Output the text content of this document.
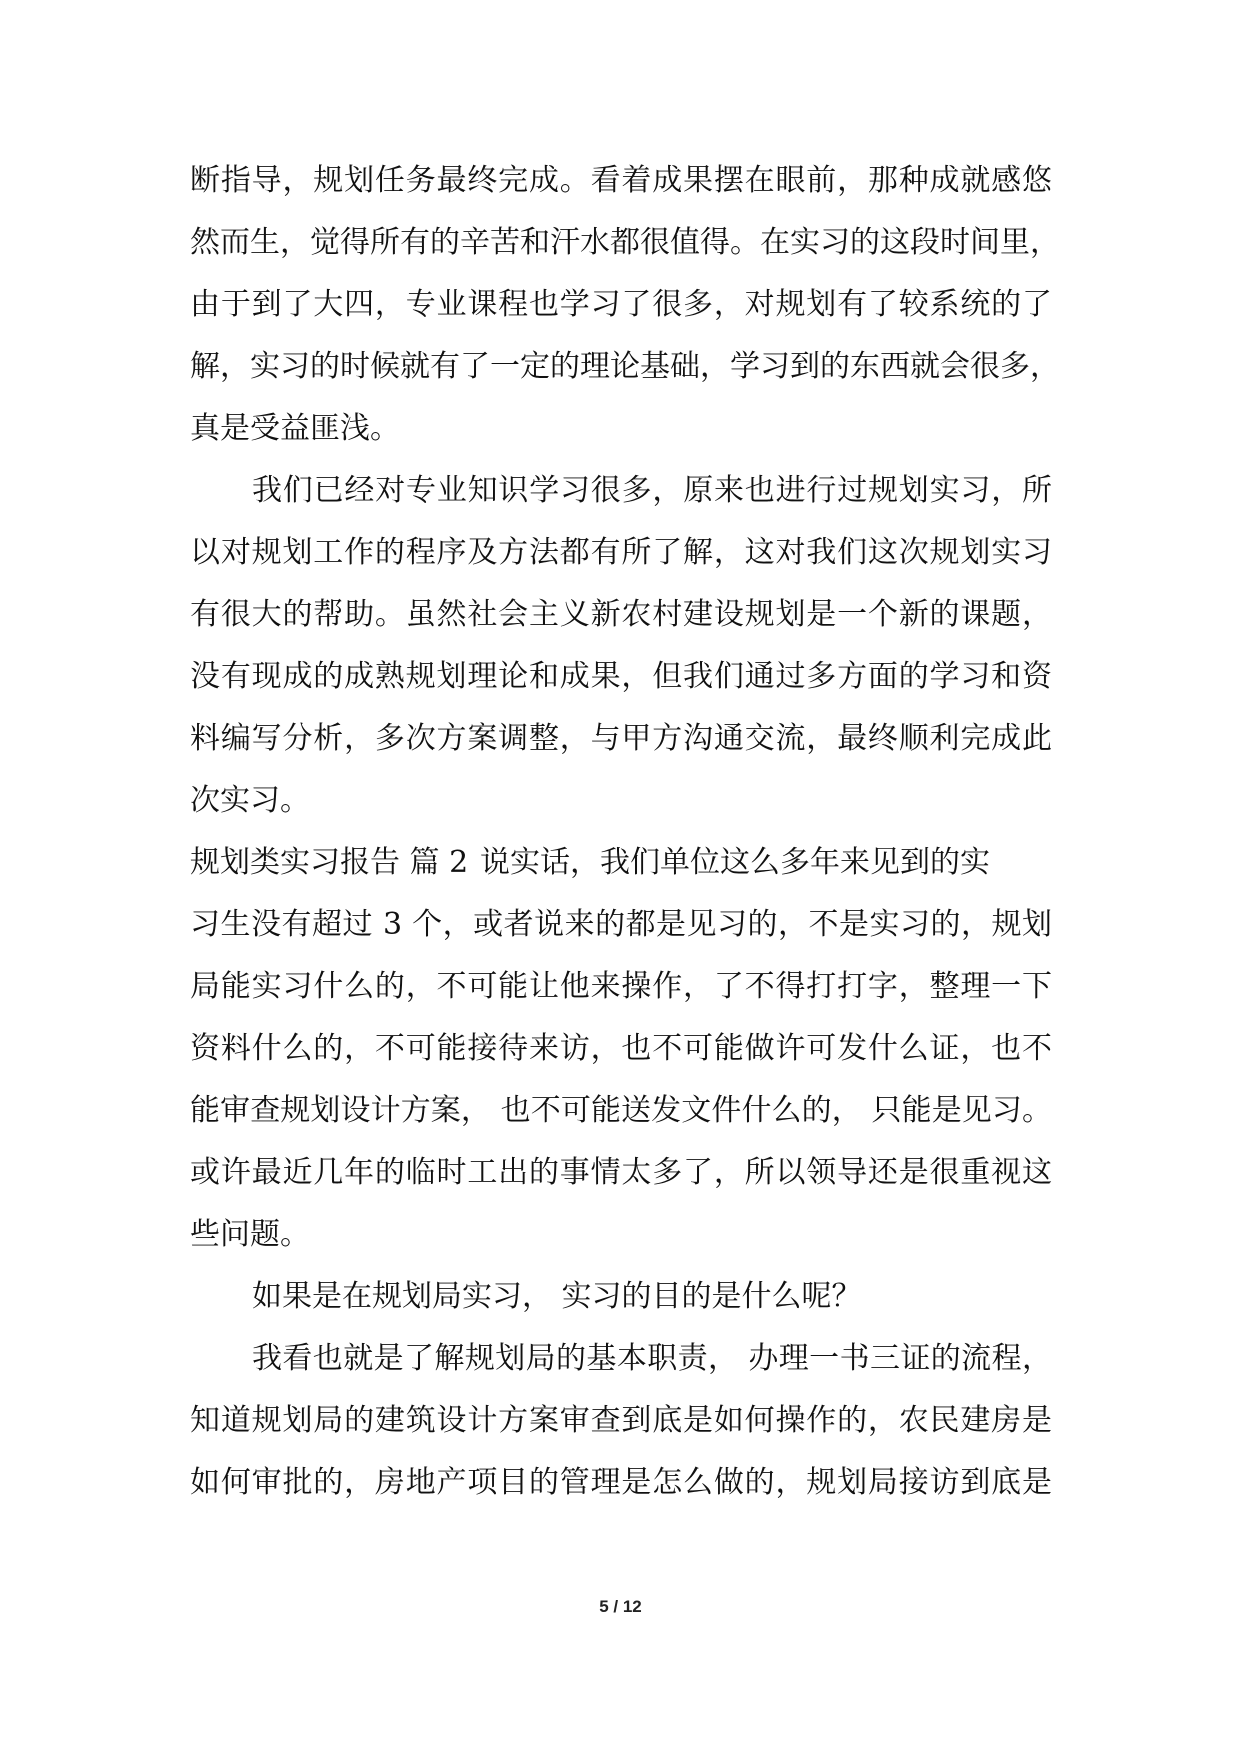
断指导，规划任务最终完成。看着成果摆在眼前，那种成就感悠
然而生，觉得所有的辛苦和汗水都很值得。在实习的这段时间里，
由于到了大四，专业课程也学习了很多，对规划有了较系统的了
解，实习的时候就有了一定的理论基础，学习到的东西就会很多，
真是受益匪浅。
我们已经对专业知识学习很多，原来也进行过规划实习，所
以对规划工作的程序及方法都有所了解，这对我们这次规划实习
有很大的帮助。虽然社会主义新农村建设规划是一个新的课题，
没有现成的成熟规划理论和成果，但我们通过多方面的学习和资
料编写分析，多次方案调整，与甲方沟通交流，最终顺利完成此
次实习。
规划类实习报告 篇 2 说实话，我们单位这么多年来见到的实
习生没有超过 3 个，或者说来的都是见习的，不是实习的，规划
局能实习什么的，不可能让他来操作，了不得打打字，整理一下
资料什么的，不可能接待来访，也不可能做许可发什么证，也不
能审查规划设计方案， 也不可能送发文件什么的， 只能是见习。
或许最近几年的临时工出的事情太多了，所以领导还是很重视这
些问题。
如果是在规划局实习， 实习的目的是什么呢？
我看也就是了解规划局的基本职责， 办理一书三证的流程，
知道规划局的建筑设计方案审查到底是如何操作的，农民建房是
如何审批的，房地产项目的管理是怎么做的，规划局接访到底是
5 / 12
